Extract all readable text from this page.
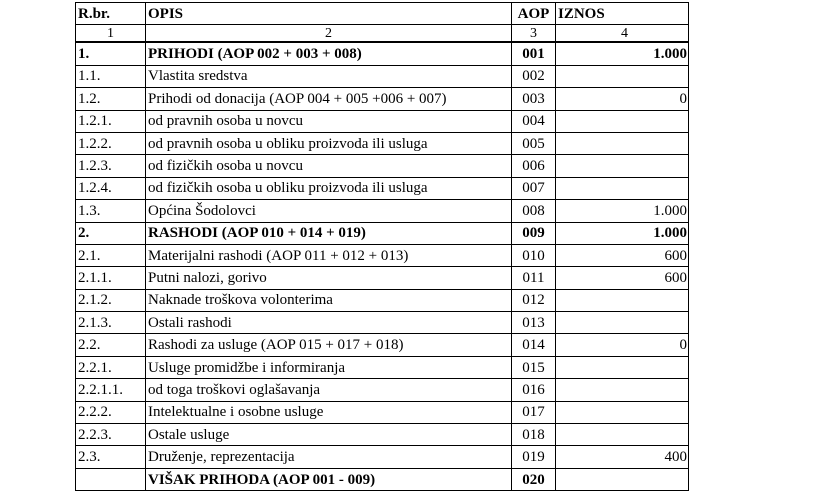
R.br.	OPIS	AOP	IZNOS
1	2	3	4
1.	PRIHODI (AOP 002 + 003 + 008)	001	1.000
1.1.	Vlastita sredstva	002	
1.2.	Prihodi od donacija (AOP 004 + 005 +006 + 007)	003	0
1.2.1.	od pravnih osoba u novcu	004	
1.2.2.	od pravnih osoba u obliku proizvoda ili usluga	005	
1.2.3.	od fizičkih osoba u novcu	006	
1.2.4.	od fizičkih osoba u obliku proizvoda ili usluga	007	
1.3.	Općina Šodolovci	008	1.000
2.	RASHODI (AOP 010 + 014 + 019)	009	1.000
2.1.	Materijalni rashodi (AOP 011 + 012 + 013)	010	600
2.1.1.	Putni nalozi, gorivo	011	600
2.1.2.	Naknade troškova volonterima	012	
2.1.3.	Ostali rashodi	013	
2.2.	Rashodi za usluge (AOP 015 + 017 + 018)	014	0
2.2.1.	Usluge promidžbe i informiranja	015	
2.2.1.1.	od toga troškovi oglašavanja	016	
2.2.2.	Intelektualne i osobne usluge	017	
2.2.3.	Ostale usluge	018	
2.3.	Druženje, reprezentacija	019	400
	VIŠAK PRIHODA (AOP 001 - 009)	020	
